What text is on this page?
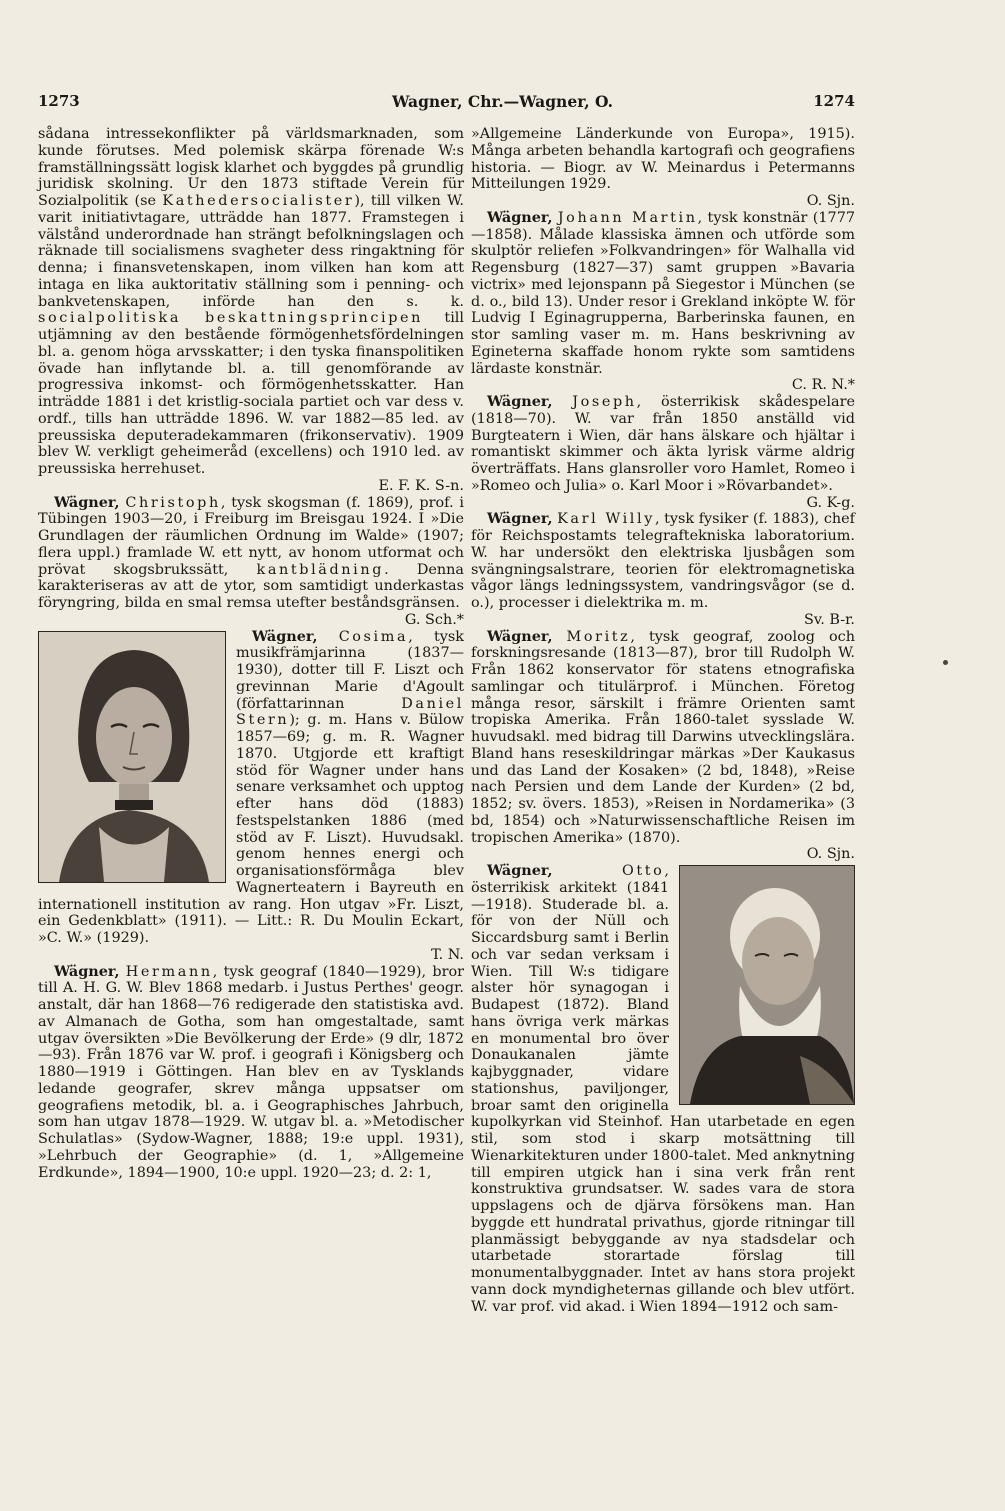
1273	Wagner, Chr.—Wagner, O.	1274

sådana intressekonflikter på världsmarknaden, som kunde förutses. Med polemisk skärpa förenade W:s framställningssätt logisk klarhet och byggdes på grundlig juridisk skolning. Ur den 1873 stiftade Verein für Sozialpolitik (se Kathedersocialister), till vilken W. varit initiativtagare, utträdde han 1877. Framstegen i välstånd underordnade han strängt befolkningslagen och räknade till socialismens svagheter dess ringaktning för denna; i finansvetenskapen, inom vilken han kom att intaga en lika auktoritativ ställning som i penning- och bankvetenskapen, införde han den s. k. socialpolitiska beskattningsprincipen till utjämning av den bestående förmögenhetsfördelningen bl. a. genom höga arvsskatter; i den tyska finanspolitiken övade han inflytande bl. a. till genomförande av progressiva inkomst- och förmögenhetsskatter. Han inträdde 1881 i det kristlig-sociala partiet och var dess v. ordf., tills han utträdde 1896. W. var 1882—85 led. av preussiska deputeradekammaren (frikonservativ). 1909 blev W. verkligt geheimeråd (excellens) och 1910 led. av preussiska herrehuset.
E. F. K. S-n.

Wägner, Christoph, tysk skogsman (f. 1869), prof. i Tübingen 1903—20, i Freiburg im Breisgau 1924. I »Die Grundlagen der räumlichen Ordnung im Walde» (1907; flera uppl.) framlade W. ett nytt, av honom utformat och prövat skogsbrukssätt, kantblädning. Denna karakteriseras av att de ytor, som samtidigt underkastas föryngring, bilda en smal remsa utefter beståndsgränsen.
G. Sch.*

Wägner, Cosima, tysk musikfrämjarinna (1837—1930), dotter till F. Liszt och grevinnan Marie d'Agoult (författarinnan Daniel Stern); g. m. Hans v. Bülow 1857—69; g. m. R. Wagner 1870. Utgjorde ett kraftigt stöd för Wagner under hans senare verksamhet och upptog efter hans död (1883) festspelstanken 1886 (med stöd av F. Liszt). Huvudsakl. genom hennes energi och organisationsförmåga blev Wagnerteatern i Bayreuth en internationell institution av rang. Hon utgav »Fr. Liszt, ein Gedenkblatt» (1911). — Litt.: R. Du Moulin Eckart, »C. W.» (1929).
T. N.

Wägner, Hermann, tysk geograf (1840—1929), bror till A. H. G. W. Blev 1868 medarb. i Justus Perthes' geogr. anstalt, där han 1868—76 redigerade den statistiska avd. av Almanach de Gotha, som han omgestaltade, samt utgav översikten »Die Bevölkerung der Erde» (9 dlr, 1872—93). Från 1876 var W. prof. i geografi i Königsberg och 1880—1919 i Göttingen. Han blev en av Tysklands ledande geografer, skrev många uppsatser om geografiens metodik, bl. a. i Geographisches Jahrbuch, som han utgav 1878—1929. W. utgav bl. a. »Metodischer Schulatlas» (Sydow-Wagner, 1888; 19:e uppl. 1931), »Lehrbuch der Geographie» (d. 1, »Allgemeine Erdkunde», 1894—1900, 10:e uppl. 1920—23; d. 2: 1,

»Allgemeine Länderkunde von Europa», 1915). Många arbeten behandla kartografi och geografiens historia. — Biogr. av W. Meinardus i Petermanns Mitteilungen 1929.
O. Sjn.

Wägner, Johann Martin, tysk konstnär (1777—1858). Målade klassiska ämnen och utförde som skulptör reliefen »Folkvandringen» för Walhalla vid Regensburg (1827—37) samt gruppen »Bavaria victrix» med lejonspann på Siegestor i München (se d. o., bild 13). Under resor i Grekland inköpte W. för Ludvig I Eginagrupperna, Barberinska faunen, en stor samling vaser m. m. Hans beskrivning av Egineterna skaffade honom rykte som samtidens lärdaste konstnär.
C. R. N.*

Wägner, Joseph, österrikisk skådespelare (1818—70). W. var från 1850 anställd vid Burgteatern i Wien, där hans älskare och hjältar i romantiskt skimmer och äkta lyrisk värme aldrig överträffats. Hans glansroller voro Hamlet, Romeo i »Romeo och Julia» o. Karl Moor i »Rövarbandet».
G. K-g.

Wägner, Karl Willy, tysk fysiker (f. 1883), chef för Reichspostamts telegraftekniska laboratorium. W. har undersökt den elektriska ljusbågen som svängningsalstrare, teorien för elektromagnetiska vågor längs ledningssystem, vandringsvågor (se d. o.), processer i dielektrika m. m.
Sv. B-r.

Wägner, Moritz, tysk geograf, zoolog och forskningsresande (1813—87), bror till Rudolph W. Från 1862 konservator för statens etnografiska samlingar och titulärprof. i München. Företog många resor, särskilt i främre Orienten samt tropiska Amerika. Från 1860-talet sysslade W. huvudsakl. med bidrag till Darwins utvecklingslära. Bland hans reseskildringar märkas »Der Kaukasus und das Land der Kosaken» (2 bd, 1848), »Reise nach Persien und dem Lande der Kurden» (2 bd, 1852; sv. övers. 1853), »Reisen in Nordamerika» (3 bd, 1854) och »Naturwissenschaftliche Reisen im tropischen Amerika» (1870).
O. Sjn.

Wägner,	Otto, österrikisk arkitekt (1841—1918). Studerade bl. a. för von der Nüll och Siccardsburg samt i Berlin och var sedan verksam i Wien. Till W:s tidigare alster hör synagogan i Budapest (1872). Bland hans övriga verk märkas en monumental bro över Donaukanalen jämte kajbyggnader, vidare stationshus, paviljonger, broar samt den originella kupolkyrkan vid Steinhof. Han utarbetade en egen stil, som stod i skarp motsättning till Wienarkitekturen under 1800-talet. Med anknytning till empiren utgick han i sina verk från rent konstruktiva grundsatser. W. sades vara de stora uppslagens och de djärva försökens man. Han byggde ett hundratal privathus, gjorde ritningar till planmässigt bebyggande av nya stadsdelar och utarbetade storartade förslag till monumentalbyggnader. Intet av hans stora projekt vann dock myndigheternas gillande och blev utfört. W. var prof. vid akad. i Wien 1894—1912 och sam-
